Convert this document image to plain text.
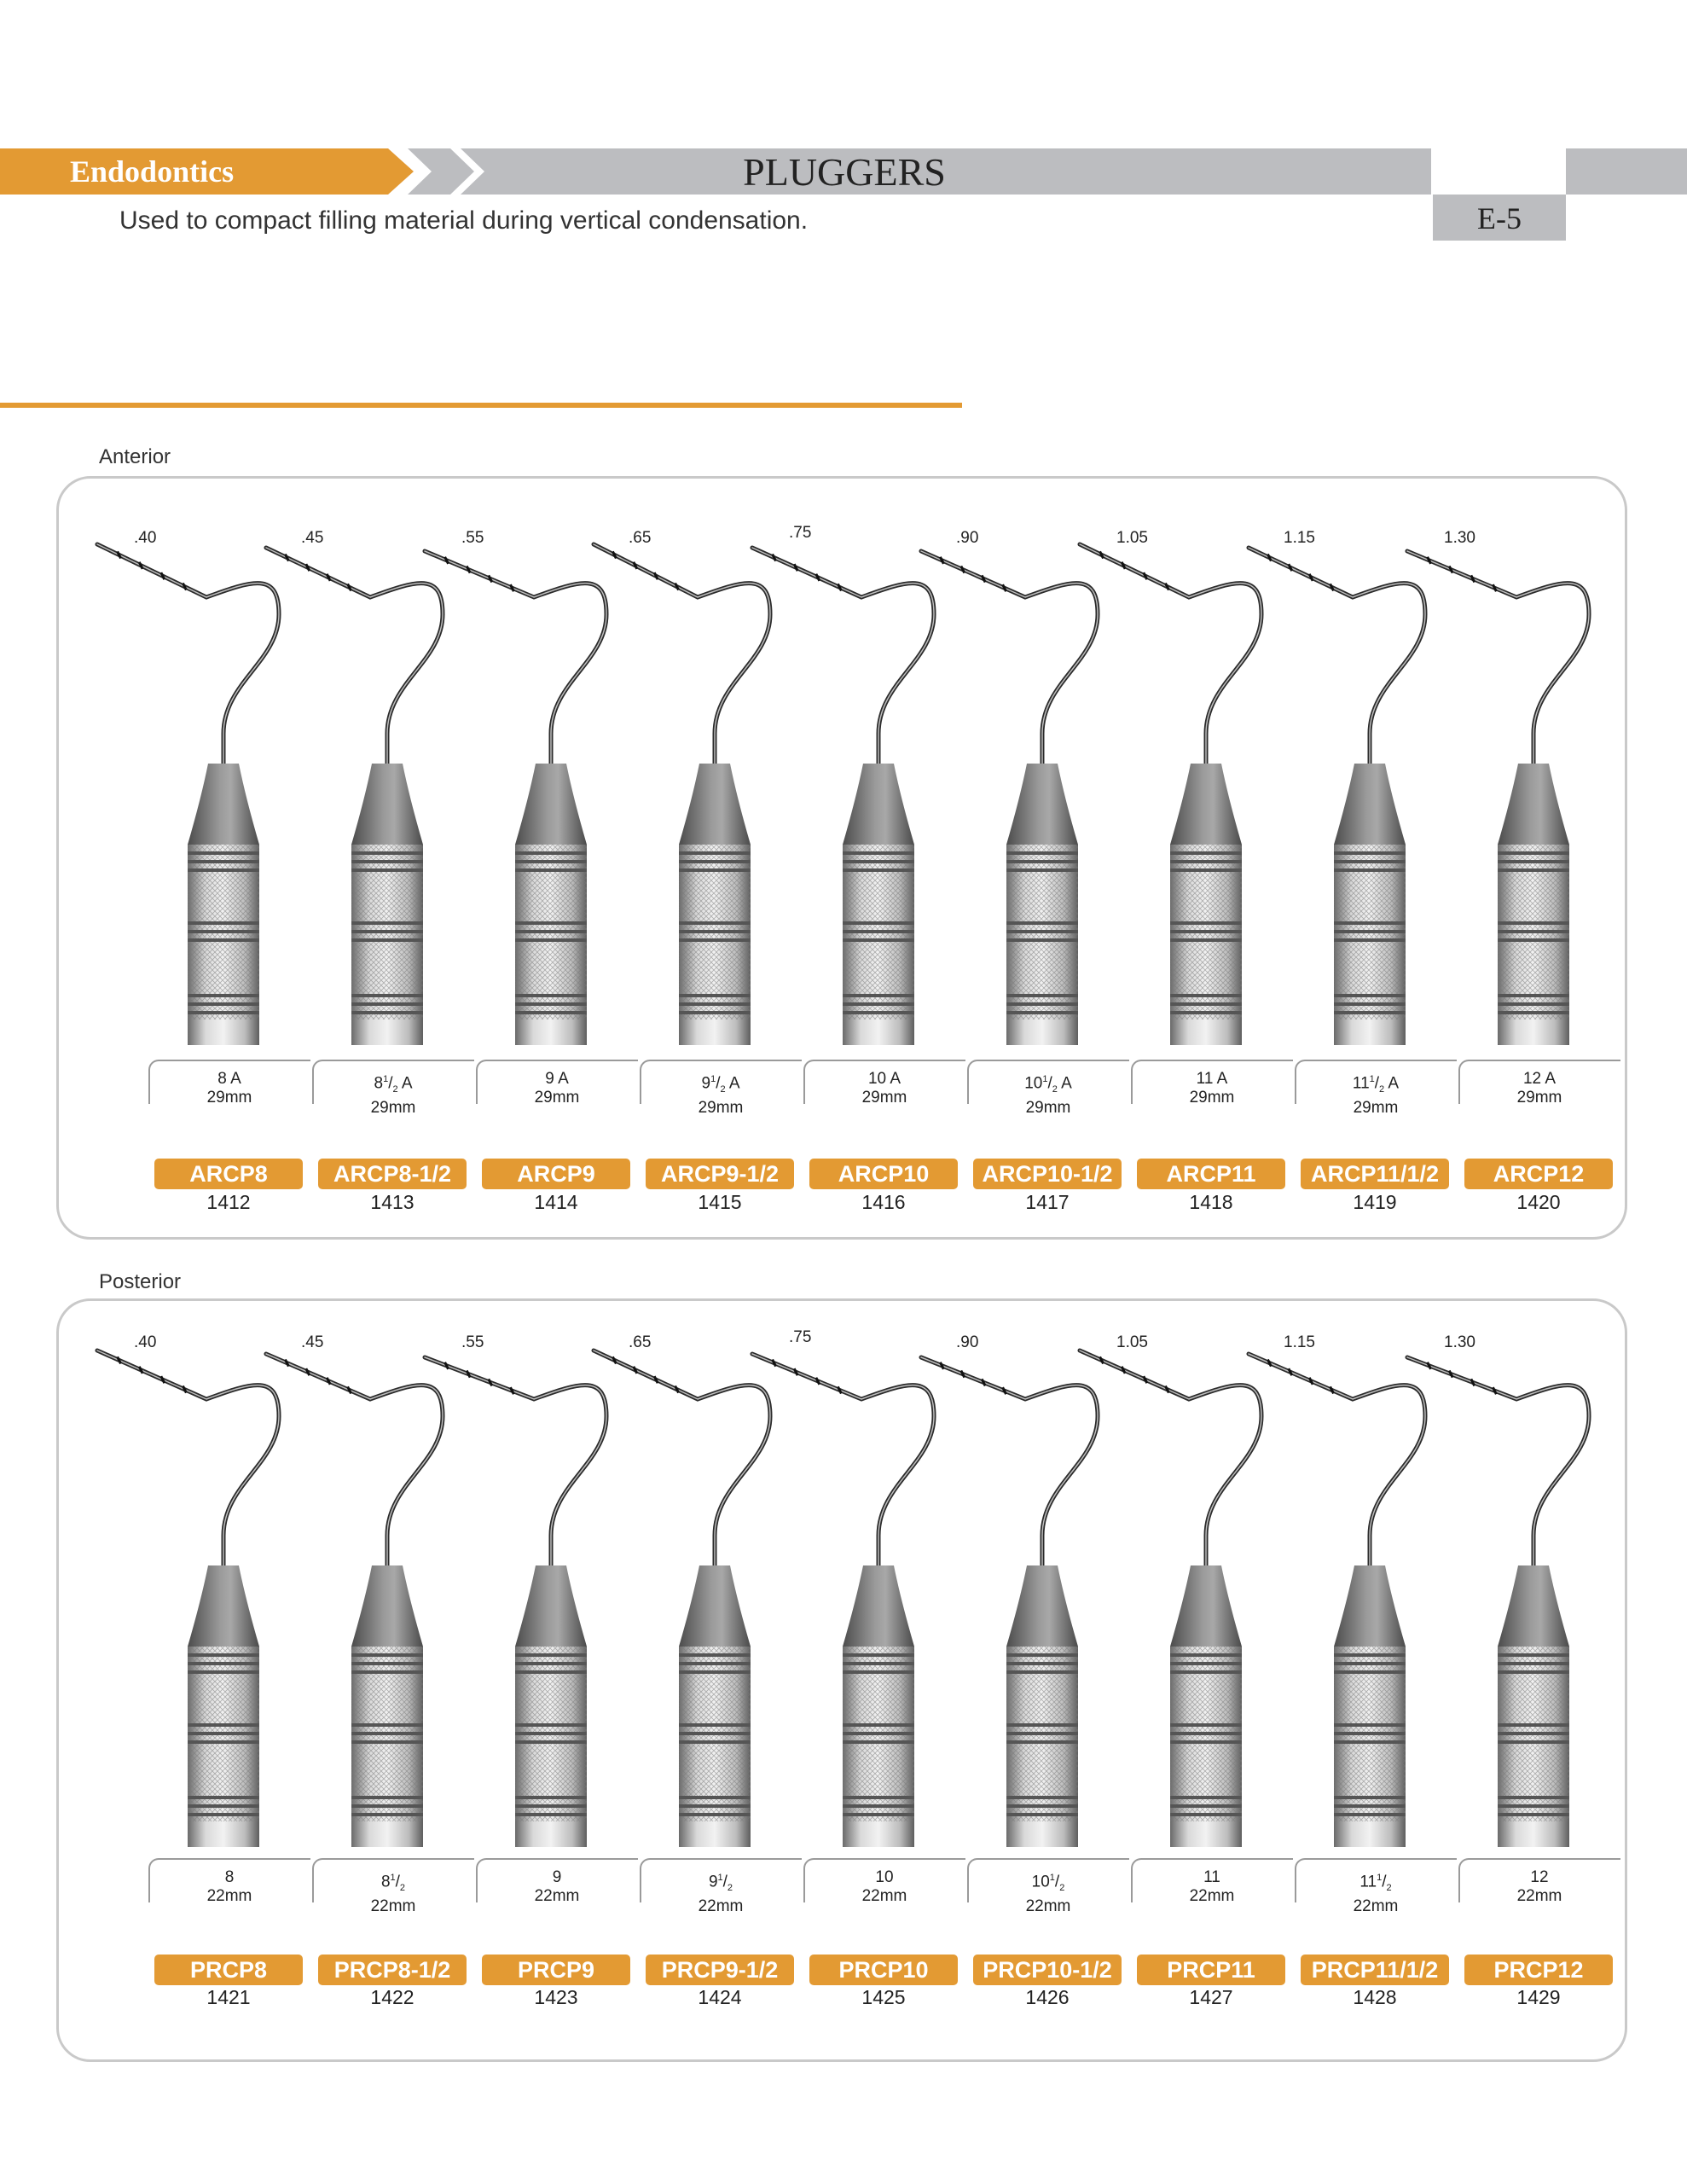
Endodontics	PLUGGERS
E-5
Used to compact filling material during vertical condensation.
Anterior
.40
8 A
29mm
ARCP8
1412
.45
$8^1/_2$ A
29mm
ARCP8-1/2
1413
.55
9 A
29mm
ARCP9
1414
.65
$9^1/_2$ A
29mm
ARCP9-1/2
1415
.75
10 A
29mm
ARCP10
1416
.90
$10^1/_2$ A
29mm
ARCP10-1/2
1417
1.05
11 A
29mm
ARCP11
1418
1.15
$11^1/_2$ A
29mm
ARCP11/1/2
1419
1.30
12 A
29mm
ARCP12
1420
Posterior
.40
8
22mm
PRCP8
1421
.45
$8^1/_2$
22mm
PRCP8-1/2
1422
.55
9
22mm
PRCP9
1423
.65
$9^1/_2$
22mm
PRCP9-1/2
1424
.75
10
22mm
PRCP10
1425
.90
$10^1/_2$
22mm
PRCP10-1/2
1426
1.05
11
22mm
PRCP11
1427
1.15
$11^1/_2$
22mm
PRCP11/1/2
1428
1.30
12
22mm
PRCP12
1429
